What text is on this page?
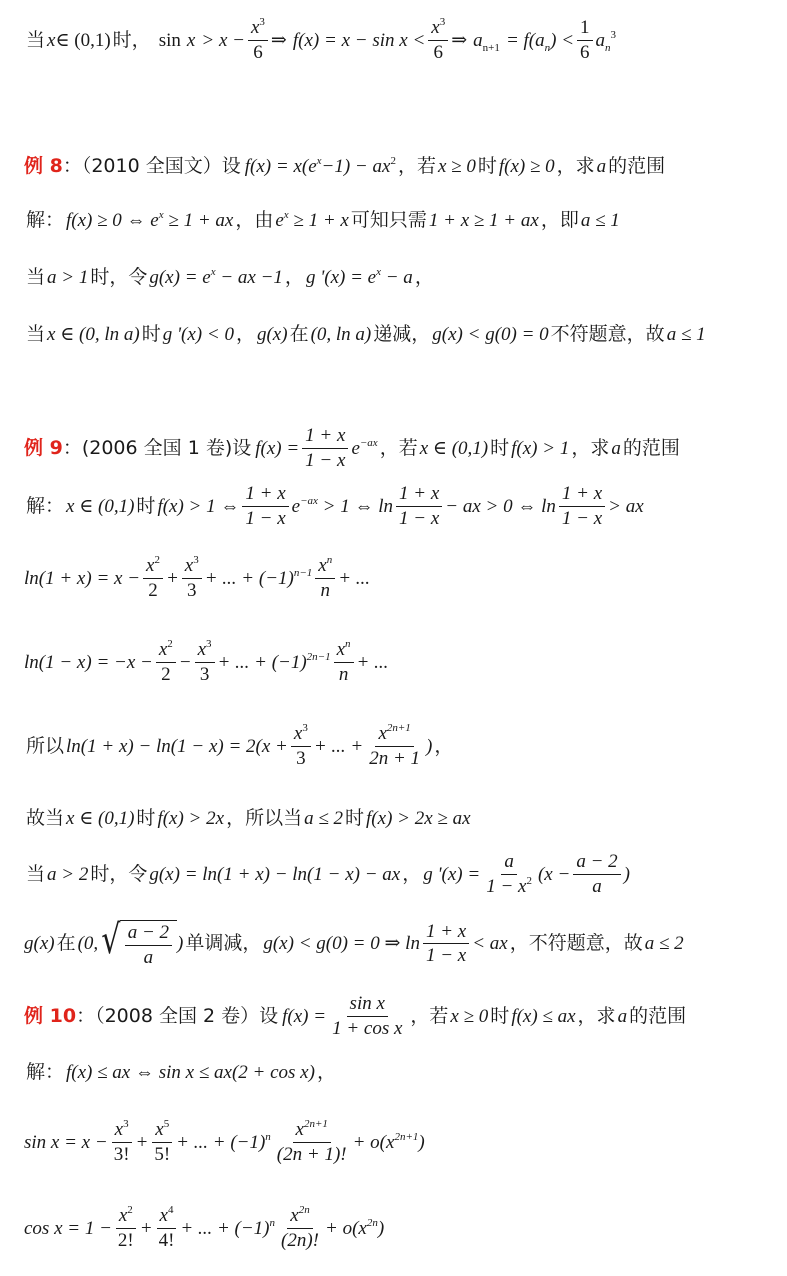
当 x ∈ (0,1) 时， sin
x
> $x - \frac{x^3}{6}$ ⇒
$f(x) = x - \sin x < \frac{x^3}{6}$ ⇒
$a_{n+1}$
= $f(a_n) < \frac{1}{6} a_n^3$
例 8 ：（2010 全国文）设 $f(x) = x(e^x-1) - ax^2$ ，若 x ≥ 0 时 f(x) ≥ 0 ，求 a 的范围
解： f(x) ≥ 0 ⇔ $e^x \ge 1$ + ax ，由 $e^x \ge 1 + x$ 可知只需 1 + x ≥ 1 + ax ，即 a ≤ 1
当 a > 1 时，令 $g(x) = e^x$ − ax −1 ， g '$(x) = e^x - a$ ，
当 x ∈ (0, ln a) 时 g '(x) < 0 ， g(x) 在 (0, ln a) 递减， g(x) < g(0) = 0 不符题意，故 a ≤ 1
例 9 ：(2006 全国 1 卷)设 $f(x) = \frac{1 + x}{1 - x} e^{-ax}$ ，若 x ∈ (0,1) 时 f(x) > 1 ，求 a 的范围
解： x ∈ (0,1) 时 f(x) > 1 ⇔ $\frac{1 + x}{1 - x} e^{-ax} > 1$ ⇔ $\ln \frac{1 + x}{1 - x}$ − ax > 0 ⇔ $\ln \frac{1 + x}{1 - x}$ > ax
$\ln(1 + x) = x - \frac{x^2}{2} + \frac{x^3}{3}$ + ... + $(-1)^{n-1} \frac{x^n}{n}$ + ...
$\ln(1 - x) = -x - \frac{x^2}{2} - \frac{x^3}{3}$ + ... + $(-1)^{2n-1} \frac{x^n}{n}$ + ...
所以 $\ln(1 + x) - \ln(1 - x) = 2(x + \frac{x^3}{3}$ + ... + $\frac{x^{2n+1}}{2n + 1}$ ) ，
故当 x ∈ (0,1) 时 f(x) > 2x ，所以当 a ≤ 2 时 f(x) > 2x ≥ ax
当 a > 2 时，令 g(x) = ln(1 + x) − ln(1 − x) − ax ， g '$(x) = \frac{a}{1 - x^2} (x - \frac{a - 2}{a}$ )
g(x) 在 (0, √ $\frac{a - 2}{a}$ ) 单调减， g(x) < g(0) = 0 ⇒ $\ln \frac{1 + x}{1 - x}$ < ax ，不符题意，故 a ≤ 2
例 10 ：（2008 全国 2 卷）设 $f(x) = \frac{\text{sin x}}{\text{1 + cos x}}$ ，若 x ≥ 0 时 f(x) ≤ ax ，求 a 的范围
解： f(x) ≤ ax ⇔ sin x ≤ ax(2 + cos x) ，
$\sin x = x - \frac{x^3}{3!} + \frac{x^5}{5!}$ + ... + $(-1)^n \frac{x^{2n+1}}{(2n + 1)!} + o(x^{2n+1})$
$\cos x = 1 - \frac{x^2}{2!} + \frac{x^4}{4!}$ + ... + $(-1)^n \frac{x^{2n}}{(2n)!} + o(x^{2n})$
